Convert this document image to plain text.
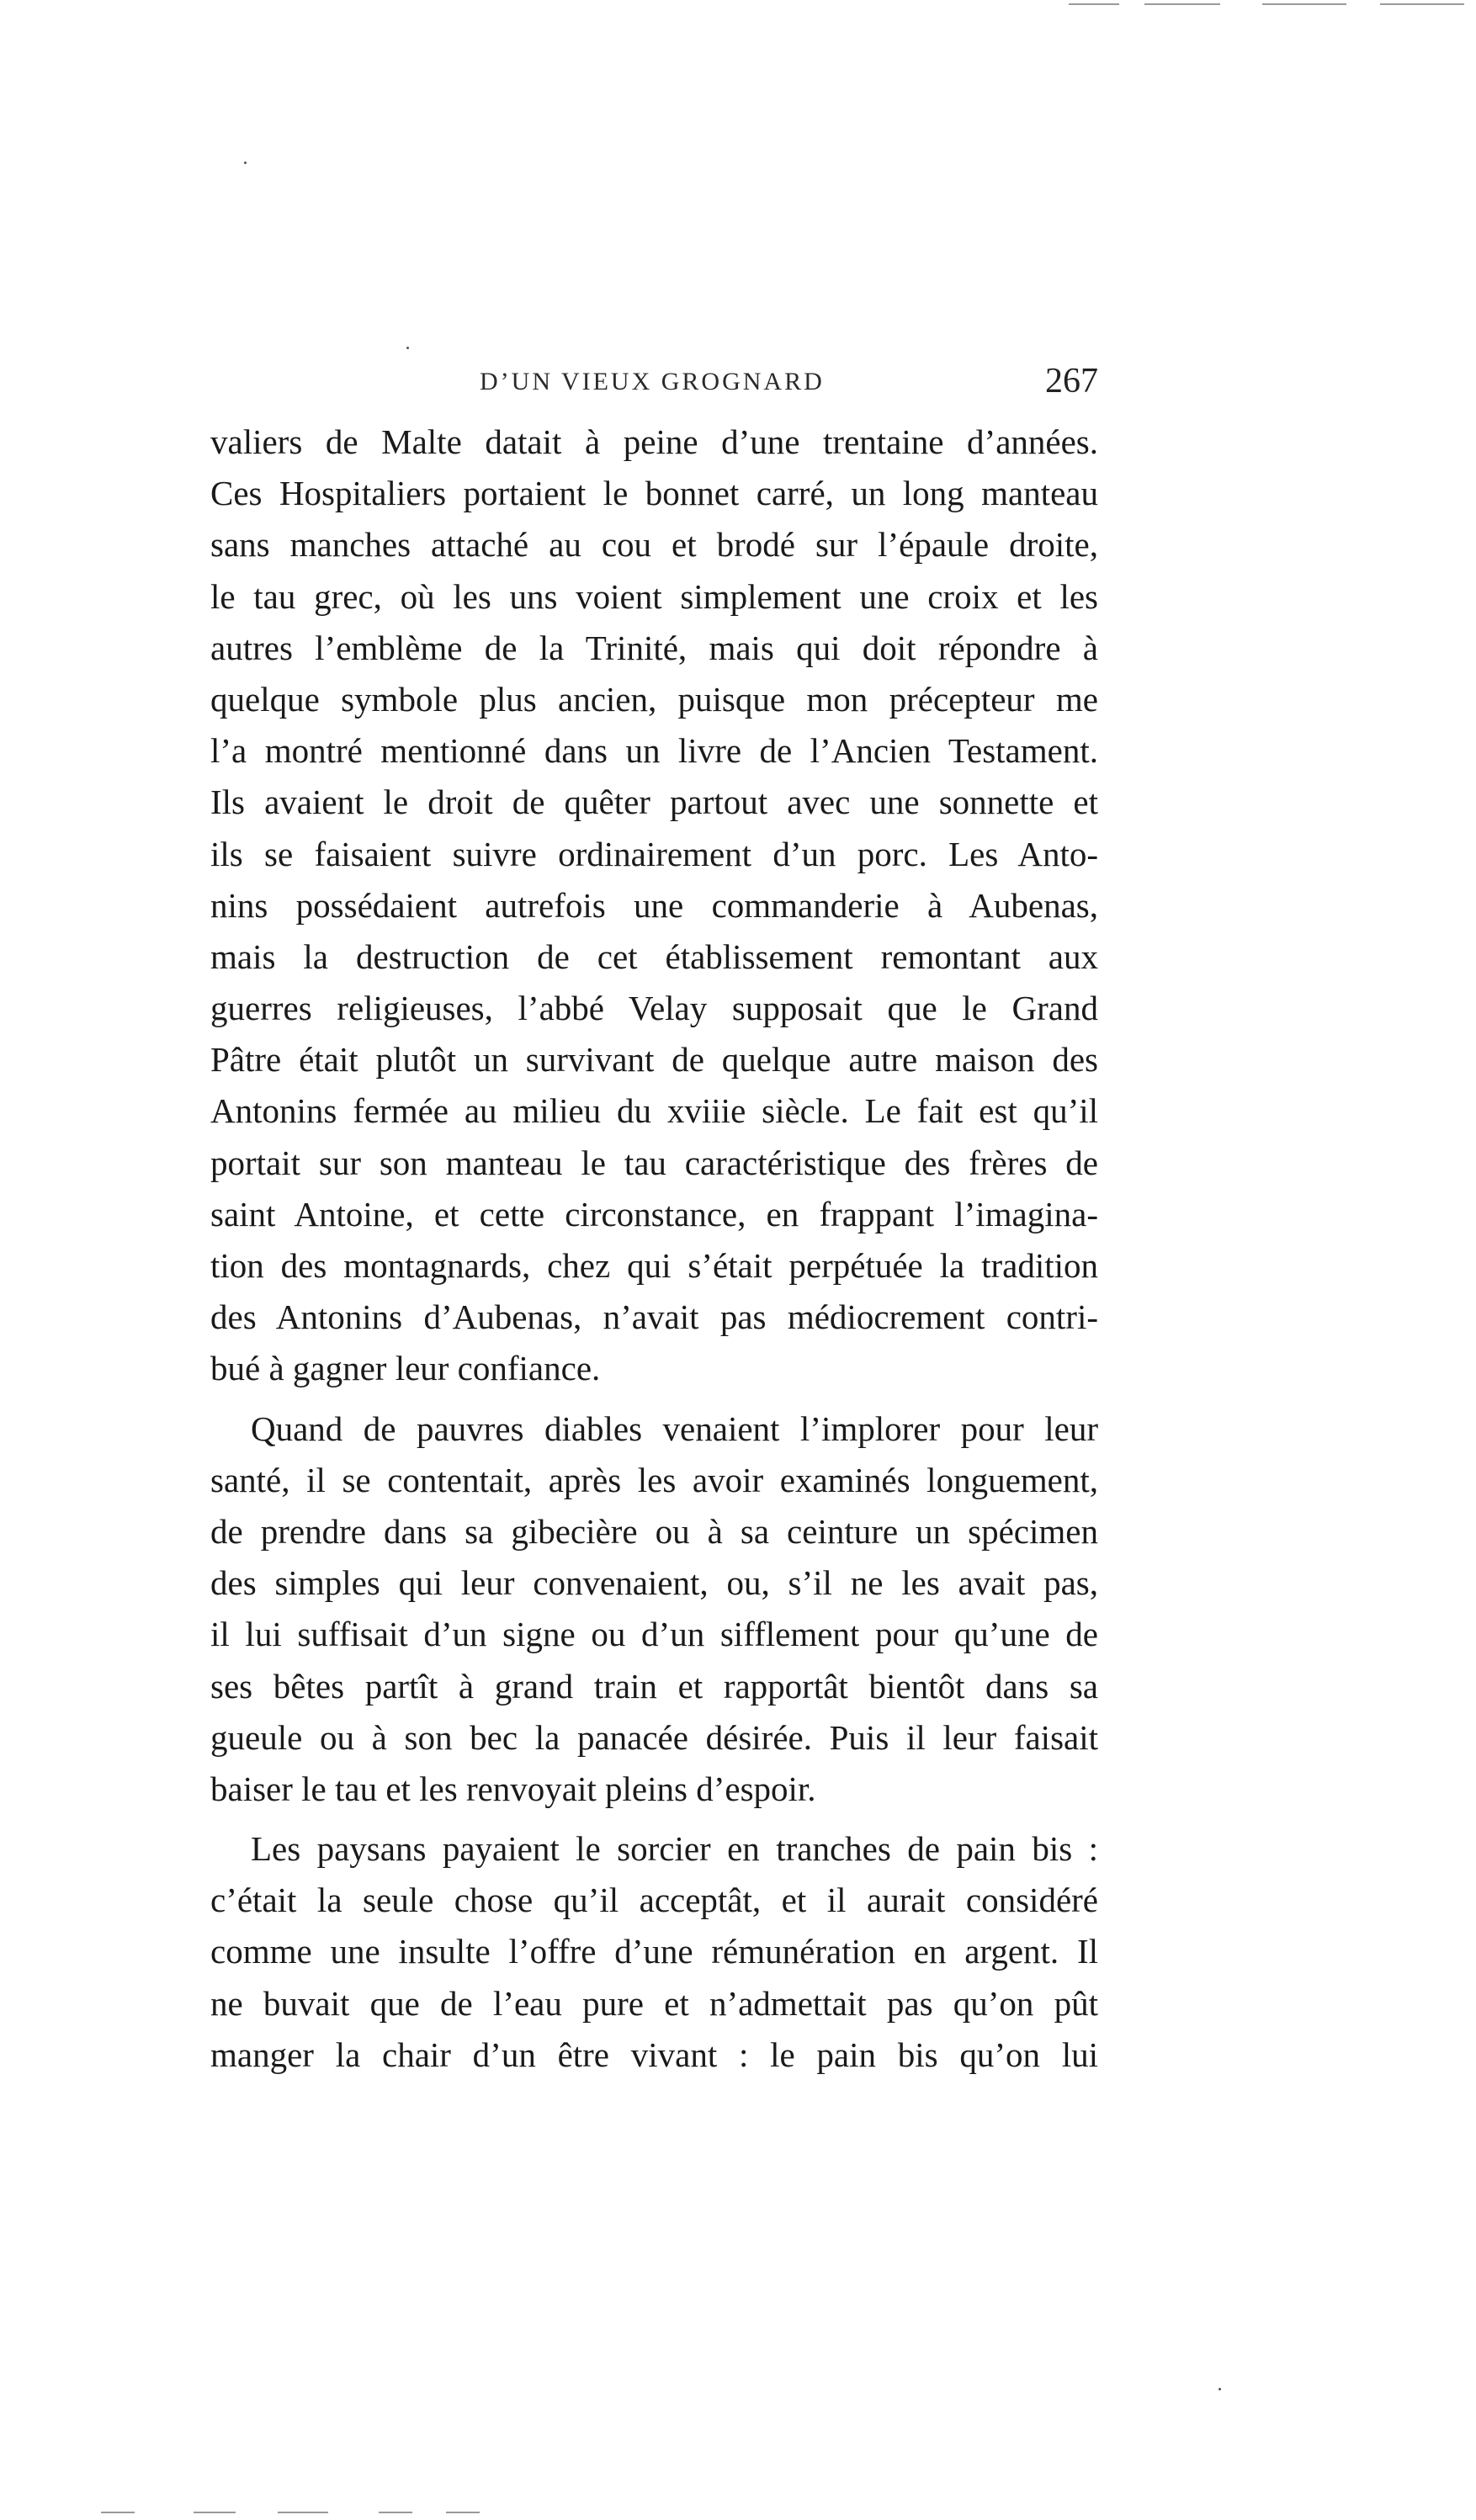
D’UN VIEUX GROGNARD	267
valiers de Malte datait à peine d’une trentaine d’années.
Ces Hospitaliers portaient le bonnet carré, un long manteau
sans manches attaché au cou et brodé sur l’épaule droite,
le tau grec, où les uns voient simplement une croix et les
autres l’emblème de la Trinité, mais qui doit répondre à
quelque symbole plus ancien, puisque mon précepteur me
l’a montré mentionné dans un livre de l’Ancien Testament.
Ils avaient le droit de quêter partout avec une sonnette et
ils se faisaient suivre ordinairement d’un porc. Les Anto-
nins possédaient autrefois une commanderie à Aubenas,
mais la destruction de cet établissement remontant aux
guerres religieuses, l’abbé Velay supposait que le Grand
Pâtre était plutôt un survivant de quelque autre maison des
Antonins fermée au milieu du xviiie siècle. Le fait est qu’il
portait sur son manteau le tau caractéristique des frères de
saint Antoine, et cette circonstance, en frappant l’imagina-
tion des montagnards, chez qui s’était perpétuée la tradition
des Antonins d’Aubenas, n’avait pas médiocrement contri-
bué à gagner leur confiance.
Quand de pauvres diables venaient l’implorer pour leur
santé, il se contentait, après les avoir examinés longuement,
de prendre dans sa gibecière ou à sa ceinture un spécimen
des simples qui leur convenaient, ou, s’il ne les avait pas,
il lui suffisait d’un signe ou d’un sifflement pour qu’une de
ses bêtes partît à grand train et rapportât bientôt dans sa
gueule ou à son bec la panacée désirée. Puis il leur faisait
baiser le tau et les renvoyait pleins d’espoir.
Les paysans payaient le sorcier en tranches de pain bis :
c’était la seule chose qu’il acceptât, et il aurait considéré
comme une insulte l’offre d’une rémunération en argent. Il
ne buvait que de l’eau pure et n’admettait pas qu’on pût
manger la chair d’un être vivant : le pain bis qu’on lui
